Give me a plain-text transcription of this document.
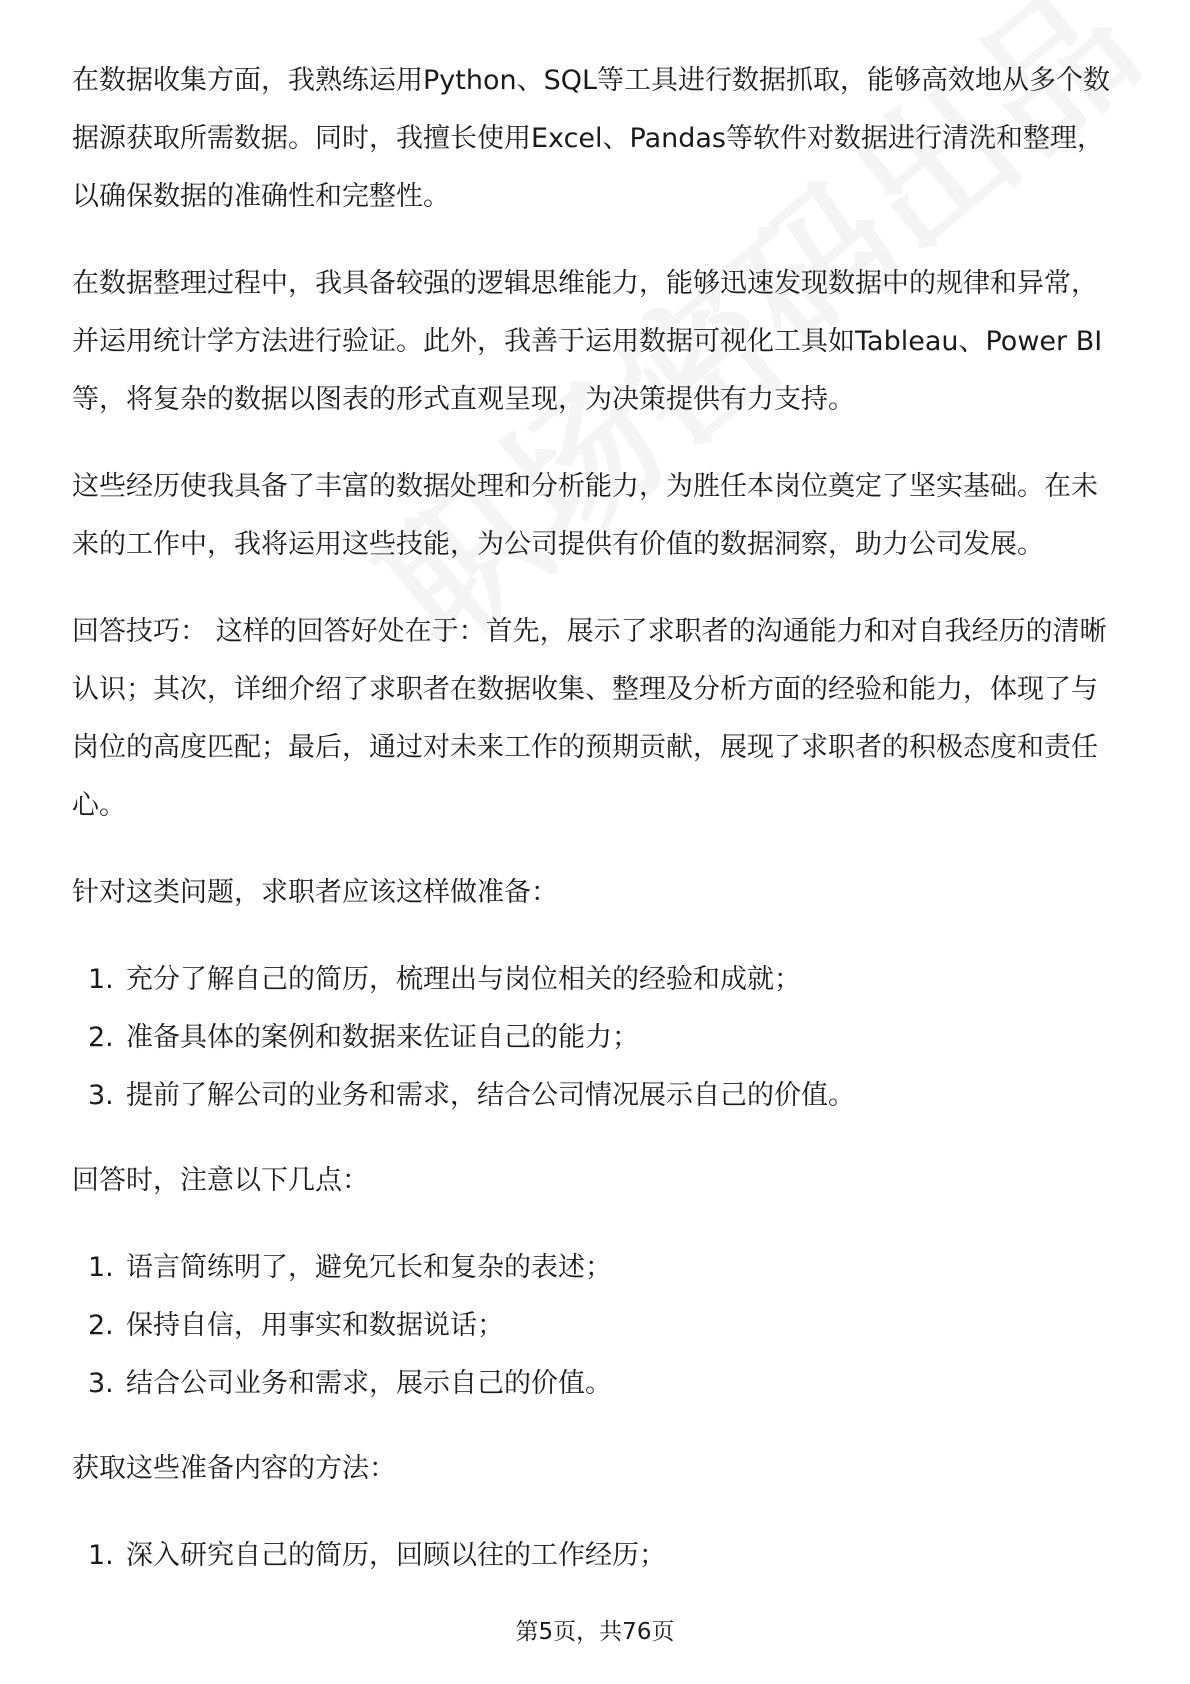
在数据收集方面，我熟练运用Python、SQL等工具进行数据抓取，能够高效地从多个数据源获取所需数据。同时，我擅长使用Excel、Pandas等软件对数据进行清洗和整理，以确保数据的准确性和完整性。

在数据整理过程中，我具备较强的逻辑思维能力，能够迅速发现数据中的规律和异常，并运用统计学方法进行验证。此外，我善于运用数据可视化工具如Tableau、Power BI等，将复杂的数据以图表的形式直观呈现，为决策提供有力支持。

这些经历使我具备了丰富的数据处理和分析能力，为胜任本岗位奠定了坚实基础。在未来的工作中，我将运用这些技能，为公司提供有价值的数据洞察，助力公司发展。

回答技巧： 这样的回答好处在于：首先，展示了求职者的沟通能力和对自我经历的清晰认识；其次，详细介绍了求职者在数据收集、整理及分析方面的经验和能力，体现了与岗位的高度匹配；最后，通过对未来工作的预期贡献，展现了求职者的积极态度和责任心。

针对这类问题，求职者应该这样做准备：

1. 充分了解自己的简历，梳理出与岗位相关的经验和成就；
2. 准备具体的案例和数据来佐证自己的能力；
3. 提前了解公司的业务和需求，结合公司情况展示自己的价值。

回答时，注意以下几点：

1. 语言简练明了，避免冗长和复杂的表述；
2. 保持自信，用事实和数据说话；
3. 结合公司业务和需求，展示自己的价值。

获取这些准备内容的方法：

1. 深入研究自己的简历，回顾以往的工作经历；
第5页，共76页
